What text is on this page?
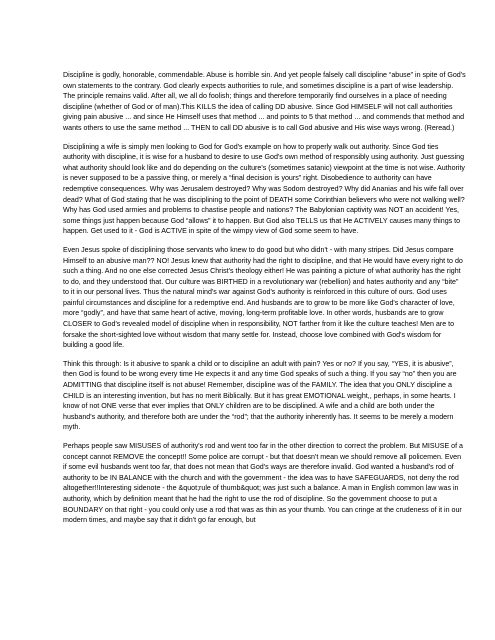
Discipline is godly, honorable, commendable. Abuse is horrible sin. And yet people falsely call discipline “abuse” in spite of God's own statements to the contrary. God clearly expects authorities to rule, and sometimes discipline is a part of wise leadership. The principle remains valid. After all, we all do foolish; things and therefore temporarily find ourselves in a place of needing discipline (whether of God or of man).This KILLS the idea of calling DD abusive. Since God HIMSELF will not call authorities giving pain abusive ... and since He Himself uses that method ... and points to 5 that method ... and commends that method and wants others to use the same method ... THEN to call DD abusive is to call God abusive and His wise ways wrong. (Reread.)

Disciplining a wife is simply men looking to God for God's example on how to properly walk out authority. Since God ties authority with discipline, it is wise for a husband to desire to use God's own method of responsibly using authority. Just guessing what authority should look like and do depending on the culture's (sometimes satanic) viewpoint at the time is not wise. Authority is never supposed to be a passive thing, or merely a “final decision is yours” right. Disobedience to authority can have redemptive consequences. Why was Jerusalem destroyed? Why was Sodom destroyed? Why did Ananias and his wife fall over dead? What of God stating that he was disciplining to the point of DEATH some Corinthian believers who were not walking well? Why has God used armies and problems to chastise people and nations? The Babylonian captivity was NOT an accident! Yes, some things just happen because God “allows” it to happen. But God also TELLS us that He ACTIVELY causes many things to happen. Get used to it - God is ACTIVE in spite of the wimpy view of God some seem to have.

Even Jesus spoke of disciplining those servants who knew to do good but who didn't - with many stripes. Did Jesus compare Himself to an abusive man?? NO! Jesus knew that authority had the right to discipline, and that He would have every right to do such a thing. And no one else corrected Jesus Christ's theology either! He was painting a picture of what authority has the right to do, and they understood that. Our culture was BIRTHED in a revolutionary war (rebellion) and hates authority and any “bite” to it in our personal lives. Thus the natural mind's war against God's authority is reinforced in this culture of ours. God uses painful circumstances and discipline for a redemptive end. And husbands are to grow to be more like God's character of love, more “godly”, and have that same heart of active, moving, long-term profitable love. In other words, husbands are to grow CLOSER to God's revealed model of discipline when in responsibility, NOT farther from it like the culture teaches! Men are to forsake the short-sighted love without wisdom that many settle for. Instead, choose love combined with God's wisdom for building a good life.

Think this through: Is it abusive to spank a child or to discipline an adult with pain? Yes or no? If you say, “YES, it is abusive”, then God is found to be wrong every time He expects it and any time God speaks of such a thing. If you say “no” then you are ADMITTING that discipline itself is not abuse! Remember, discipline was of the FAMILY. The idea that you ONLY discipline a CHILD is an interesting invention, but has no merit Biblically. But it has great EMOTIONAL weight,, perhaps, in some hearts. I know of not ONE verse that ever implies that ONLY children are to be disciplined. A wife and a child are both under the husband's authority, and therefore both are under the “rod”; that the authority inherently has. It seems to be merely a modern myth.

Perhaps people saw MISUSES of authority's rod and went too far in the other direction to correct the problem. But MISUSE of a concept cannot REMOVE the concept!! Some police are corrupt - but that doesn't mean we should remove all policemen. Even if some evil husbands went too far, that does not mean that God's ways are therefore invalid. God wanted a husband's rod of authority to be IN BALANCE with the church and with the government - the idea was to have SAFEGUARDS, not deny the rod altogether!!Interesting sidenote - the &quot;rule of thumb&quot; was just such a balance. A man in English common law was in authority, which by definition meant that he had the right to use the rod of discipline. So the government choose to put a BOUNDARY on that right - you could only use a rod that was as thin as your thumb. You can cringe at the crudeness of it in our modern times, and maybe say that it didn't go far enough, but
